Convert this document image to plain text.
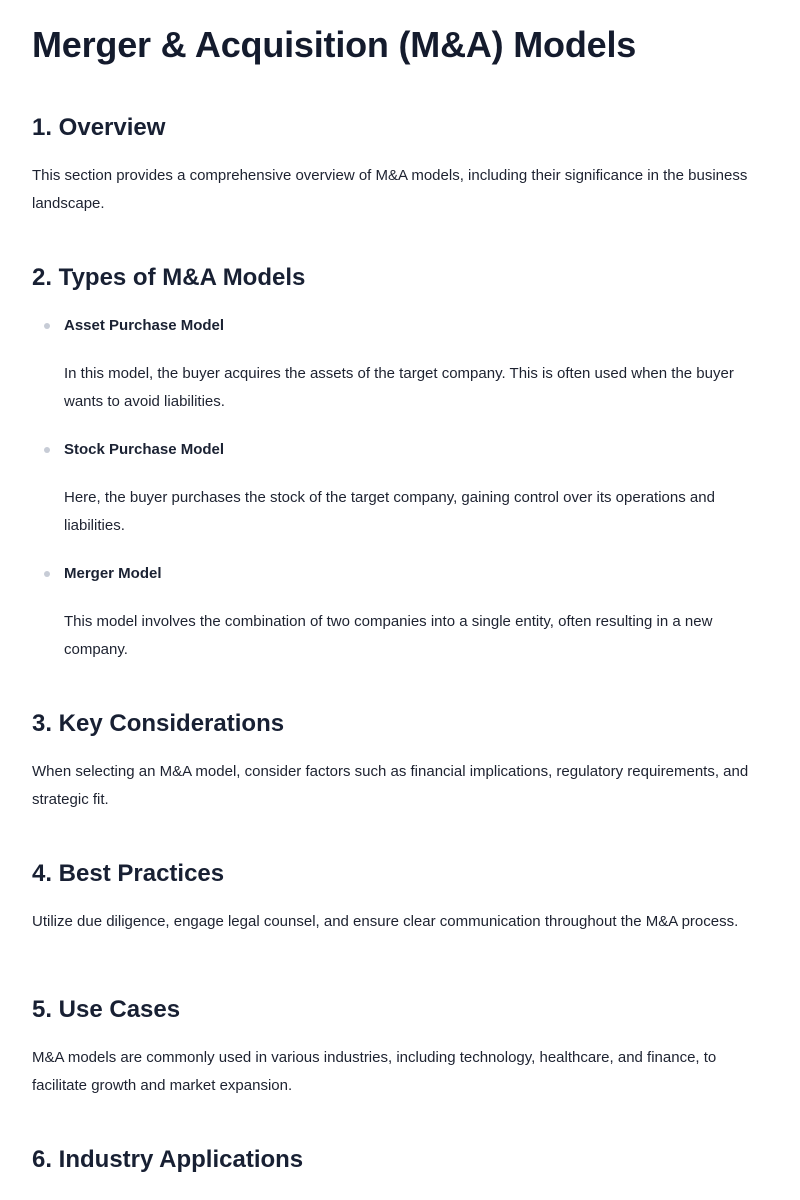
Merger & Acquisition (M&A) Models
1. Overview

This section provides a comprehensive overview of M&A models, including their significance in the business landscape.

2. Types of M&A Models
Asset Purchase Model

In this model, the buyer acquires the assets of the target company. This is often used when the buyer wants to avoid liabilities.

Stock Purchase Model

Here, the buyer purchases the stock of the target company, gaining control over its operations and liabilities.

Merger Model

This model involves the combination of two companies into a single entity, often resulting in a new company.

3. Key Considerations

When selecting an M&A model, consider factors such as financial implications, regulatory requirements, and strategic fit.

4. Best Practices

Utilize due diligence, engage legal counsel, and ensure clear communication throughout the M&A process.

5. Use Cases

M&A models are commonly used in various industries, including technology, healthcare, and finance, to facilitate growth and market expansion.

6. Industry Applications
